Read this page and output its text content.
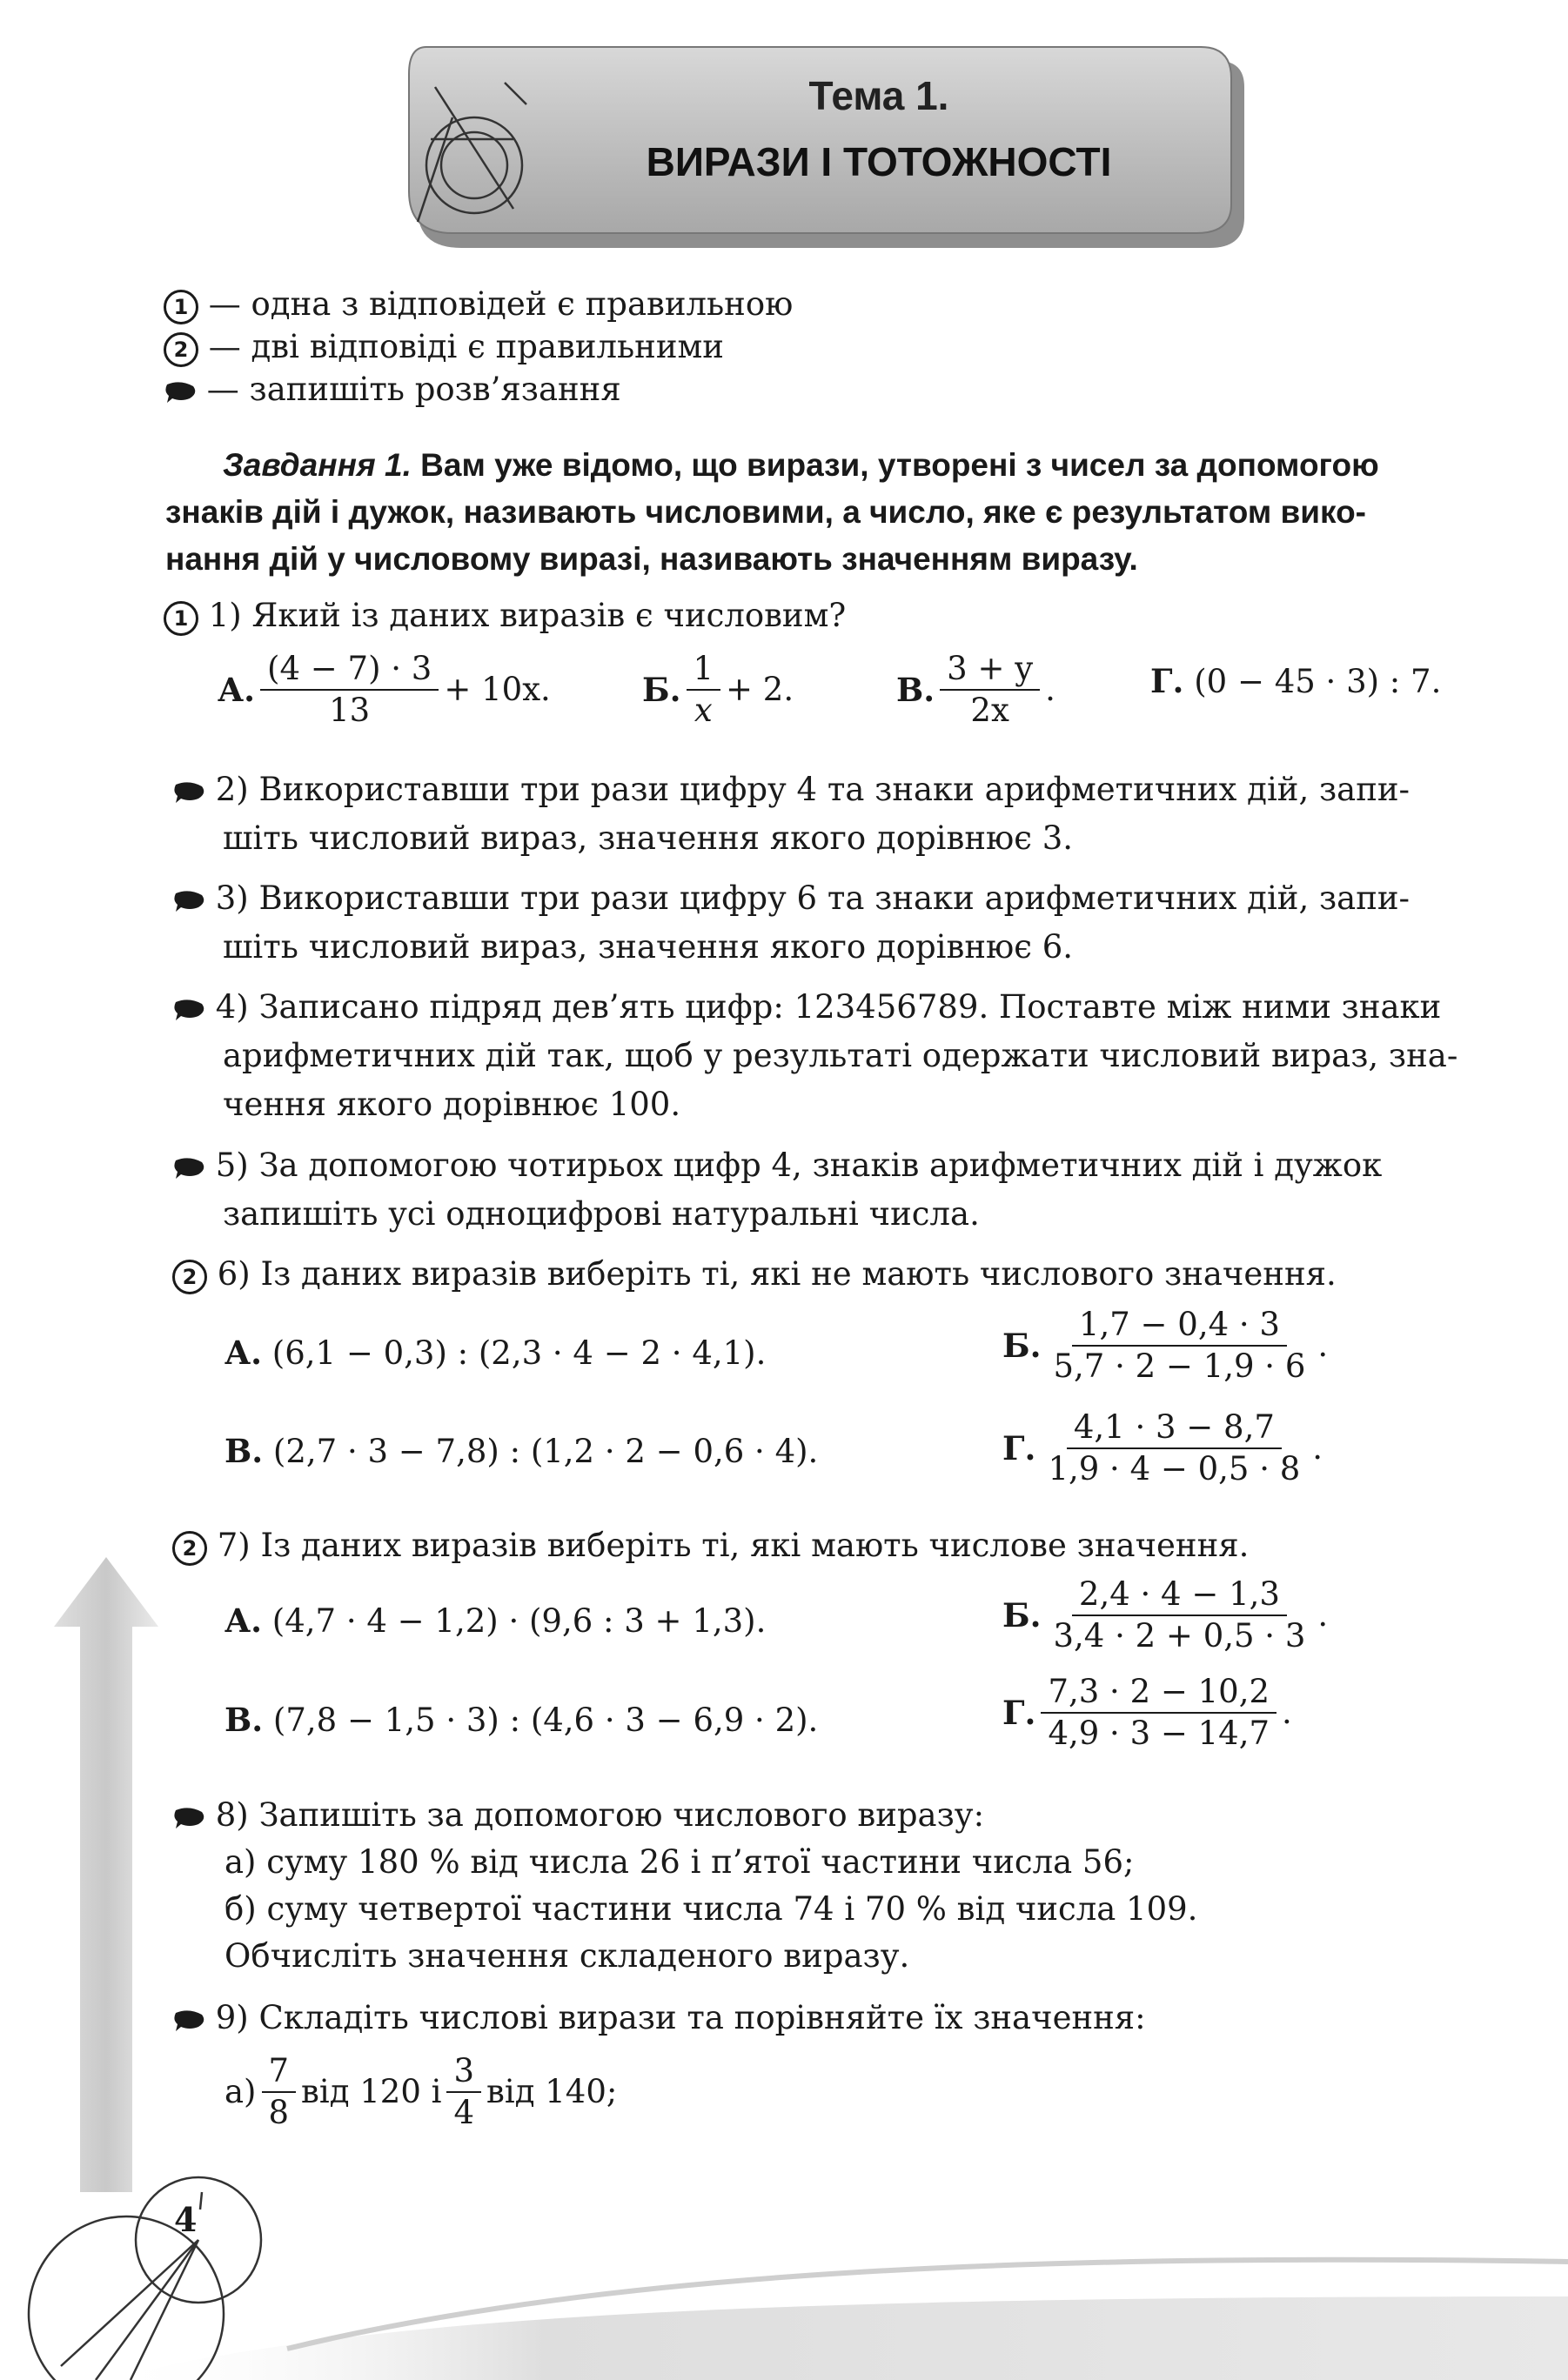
Тема 1.
ВИРАЗИ І ТОТОЖНОСТІ
1 — одна з відповідей є правильною
2 — дві відповіді є правильними
— запишіть розв’язання
Завдання 1. Вам уже відомо, що вирази, утворені з чисел за допомогою
знаків дій і дужок, називають числовими, а число, яке є результатом вико-
нання дій у числовому виразі, називають значенням виразу.
1 1) Який із даних виразів є числовим?
А. $\frac{(4 - 7) \cdot 3}{13} + 10x$.	Б. $\frac{1}{x} + 2$.	В. $\frac{3 + y}{2x}$ .	Г. (0 − 45 · 3) : 7.
2) Використавши три рази цифру 4 та знаки арифметичних дій, запи-
шіть числовий вираз, значення якого дорівнює 3.
3) Використавши три рази цифру 6 та знаки арифметичних дій, запи-
шіть числовий вираз, значення якого дорівнює 6.
4) Записано підряд дев’ять цифр: 123456789. Поставте між ними знаки
арифметичних дій так, щоб у результаті одержати числовий вираз, зна-
чення якого дорівнює 100.
5) За допомогою чотирьох цифр 4, знаків арифметичних дій і дужок
запишіть усі одноцифрові натуральні числа.
2 6) Із даних виразів виберіть ті, які не мають числового значення.
А. (6,1 − 0,3) : (2,3 · 4 − 2 · 4,1).	Б. $\frac{1,7 - 0,4 \cdot 3}{5,7 \cdot 2 - 1,9 \cdot 6}$ .
В. (2,7 · 3 − 7,8) : (1,2 · 2 − 0,6 · 4).	Г. $\frac{4,1 \cdot 3 - 8,7}{1,9 \cdot 4 - 0,5 \cdot 8}$ .
2 7) Із даних виразів виберіть ті, які мають числове значення.
А. (4,7 · 4 − 1,2) · (9,6 : 3 + 1,3).	Б. $\frac{2,4 \cdot 4 - 1,3}{3,4 \cdot 2 + 0,5 \cdot 3}$ .
В. (7,8 − 1,5 · 3) : (4,6 · 3 − 6,9 · 2).	Г. $\frac{7,3 \cdot 2 - 10,2}{4,9 \cdot 3 - 14,7}$ .
8) Запишіть за допомогою числового виразу:
а) суму 180 % від числа 26 і п’ятої частини числа 56;
б) суму четвертої частини числа 74 і 70 % від числа 109.
Обчисліть значення складеного виразу.
9) Складіть числові вирази та порівняйте їх значення:
$а) \frac{7}{8}$ від 120 і $\frac{3}{4}$ від 140;
4
